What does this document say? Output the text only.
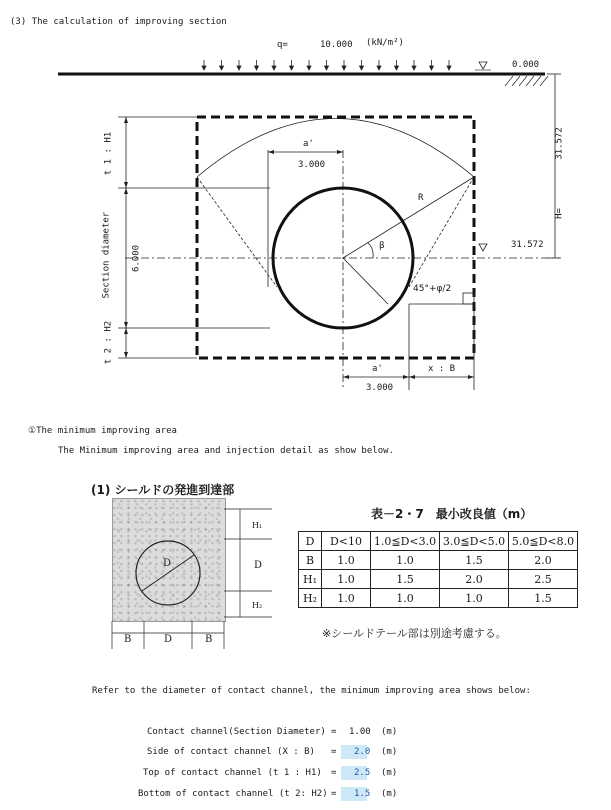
(3) The calculation of improving section
q=	10.000 (kN/m²)
0.000
31.572
31.572
H=
a'
3.000
R
β
45°+φ/2
a'	x : B
3.000
t 1 : H1
Section diameter 6.000
t 2 : H2
①The minimum improving area
The Minimum improving area and injection detail as show below.
(1) シールドの発進到達部
D
H₁
D
H₂
B	D	B
表－2・7　最小改良値（m）
D	D<10	1.0≦D<3.0	3.0≦D<5.0	5.0≦D<8.0
B	1.0	1.0	1.5	2.0
H₁	1.0	1.5	2.0	2.5
H₂	1.0	1.0	1.0	1.5
※シールドテール部は別途考慮する。
Refer to the diameter of contact channel, the minimum improving area shows below:
Contact channel(Section Diameter) = 1.00 (m)
Side of contact channel (X : B) = 2.0 (m)
Top of contact channel (t 1 : H1) = 2.5 (m)
Bottom of contact channel (t 2: H2) = 1.5 (m)
